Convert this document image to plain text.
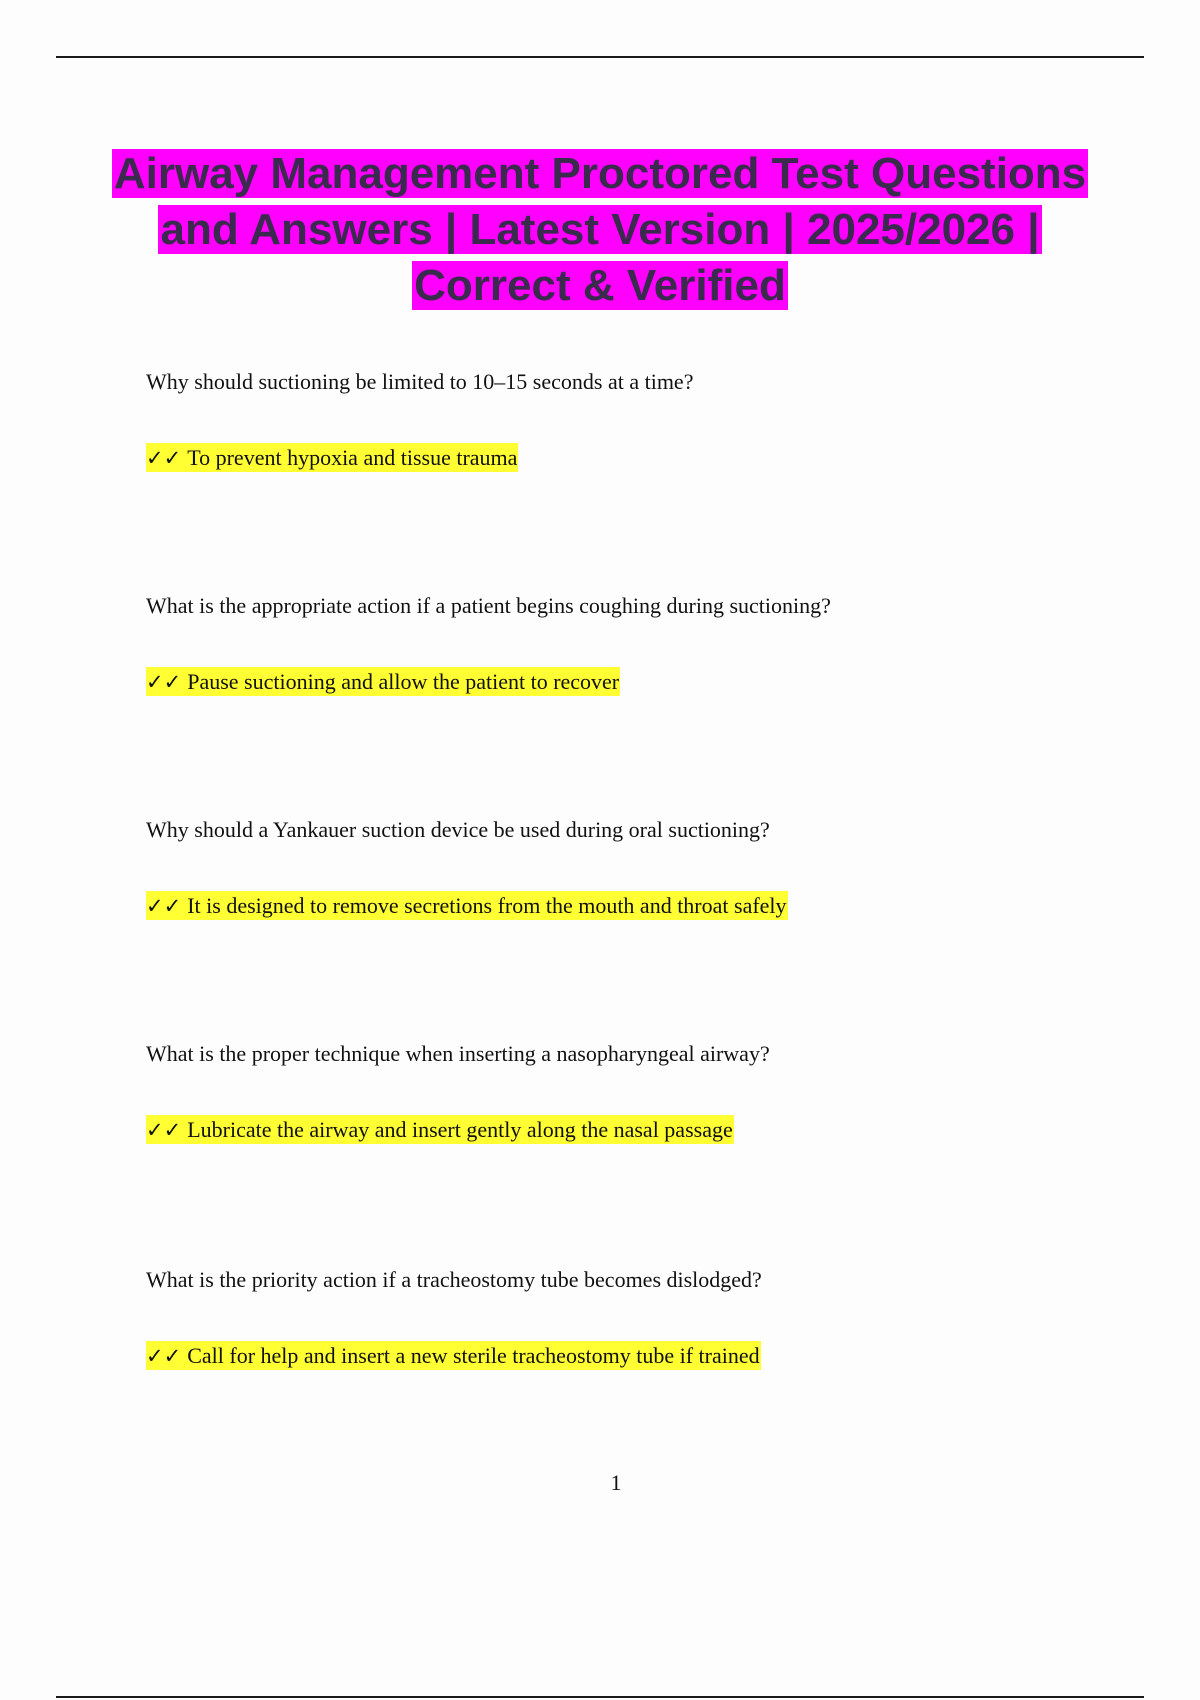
Airway Management Proctored Test Questions and Answers | Latest Version | 2025/2026 | Correct & Verified

Why should suctioning be limited to 10–15 seconds at a time?

✓✓ To prevent hypoxia and tissue trauma

What is the appropriate action if a patient begins coughing during suctioning?

✓✓ Pause suctioning and allow the patient to recover

Why should a Yankauer suction device be used during oral suctioning?

✓✓ It is designed to remove secretions from the mouth and throat safely

What is the proper technique when inserting a nasopharyngeal airway?

✓✓ Lubricate the airway and insert gently along the nasal passage

What is the priority action if a tracheostomy tube becomes dislodged?

✓✓ Call for help and insert a new sterile tracheostomy tube if trained

1
